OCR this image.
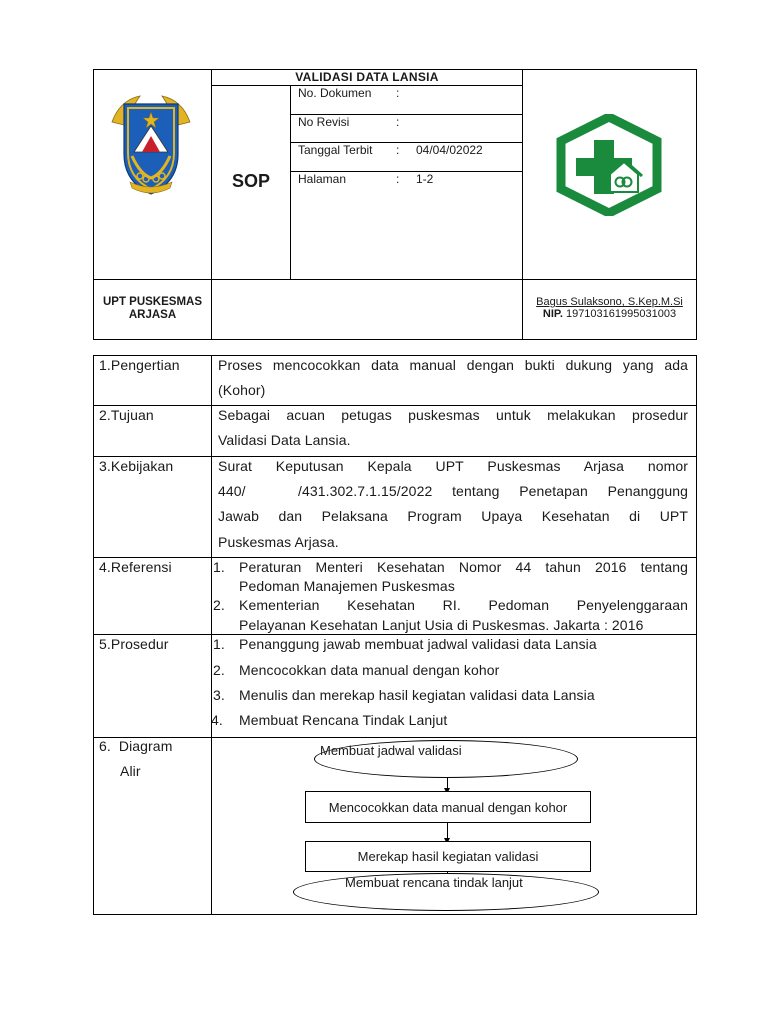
VALIDASI DATA LANSIA
SOP
No. Dokumen :
No Revisi	:
Tanggal Terbit : 04/04/02022
Halaman	: 1-2
UPT PUSKESMAS
ARJASA
Bagus Sulaksono, S.Kep.M.Si
NIP. 197103161995031003
1.Pengertian	Proses mencocokkan data manual dengan bukti dukung yang ada
(Kohor)
2.Tujuan	Sebagai acuan petugas puskesmas untuk melakukan prosedur
Validasi Data Lansia.
3.Kebijakan	Surat Keputusan Kepala UPT Puskesmas Arjasa nomor
440/	/431.302.7.1.15/2022 tentang Penetapan Penanggung
Jawab dan Pelaksana Program Upaya Kesehatan di UPT
Puskesmas Arjasa.
4.Referensi	1. Peraturan Menteri Kesehatan Nomor 44 tahun 2016 tentang
Pedoman Manajemen Puskesmas
2. Kementerian Kesehatan RI. Pedoman Penyelenggaraan
Pelayanan Kesehatan Lanjut Usia di Puskesmas. Jakarta : 2016
5.Prosedur	1. Penanggung jawab membuat jadwal validasi data Lansia
2. Mencocokkan data manual dengan kohor
3. Menulis dan merekap hasil kegiatan validasi data Lansia
4. Membuat Rencana Tindak Lanjut
6.  Diagram
Alir
Membuat jadwal validasi
Mencocokkan data manual dengan kohor
Merekap hasil kegiatan validasi
Membuat rencana tindak lanjut
